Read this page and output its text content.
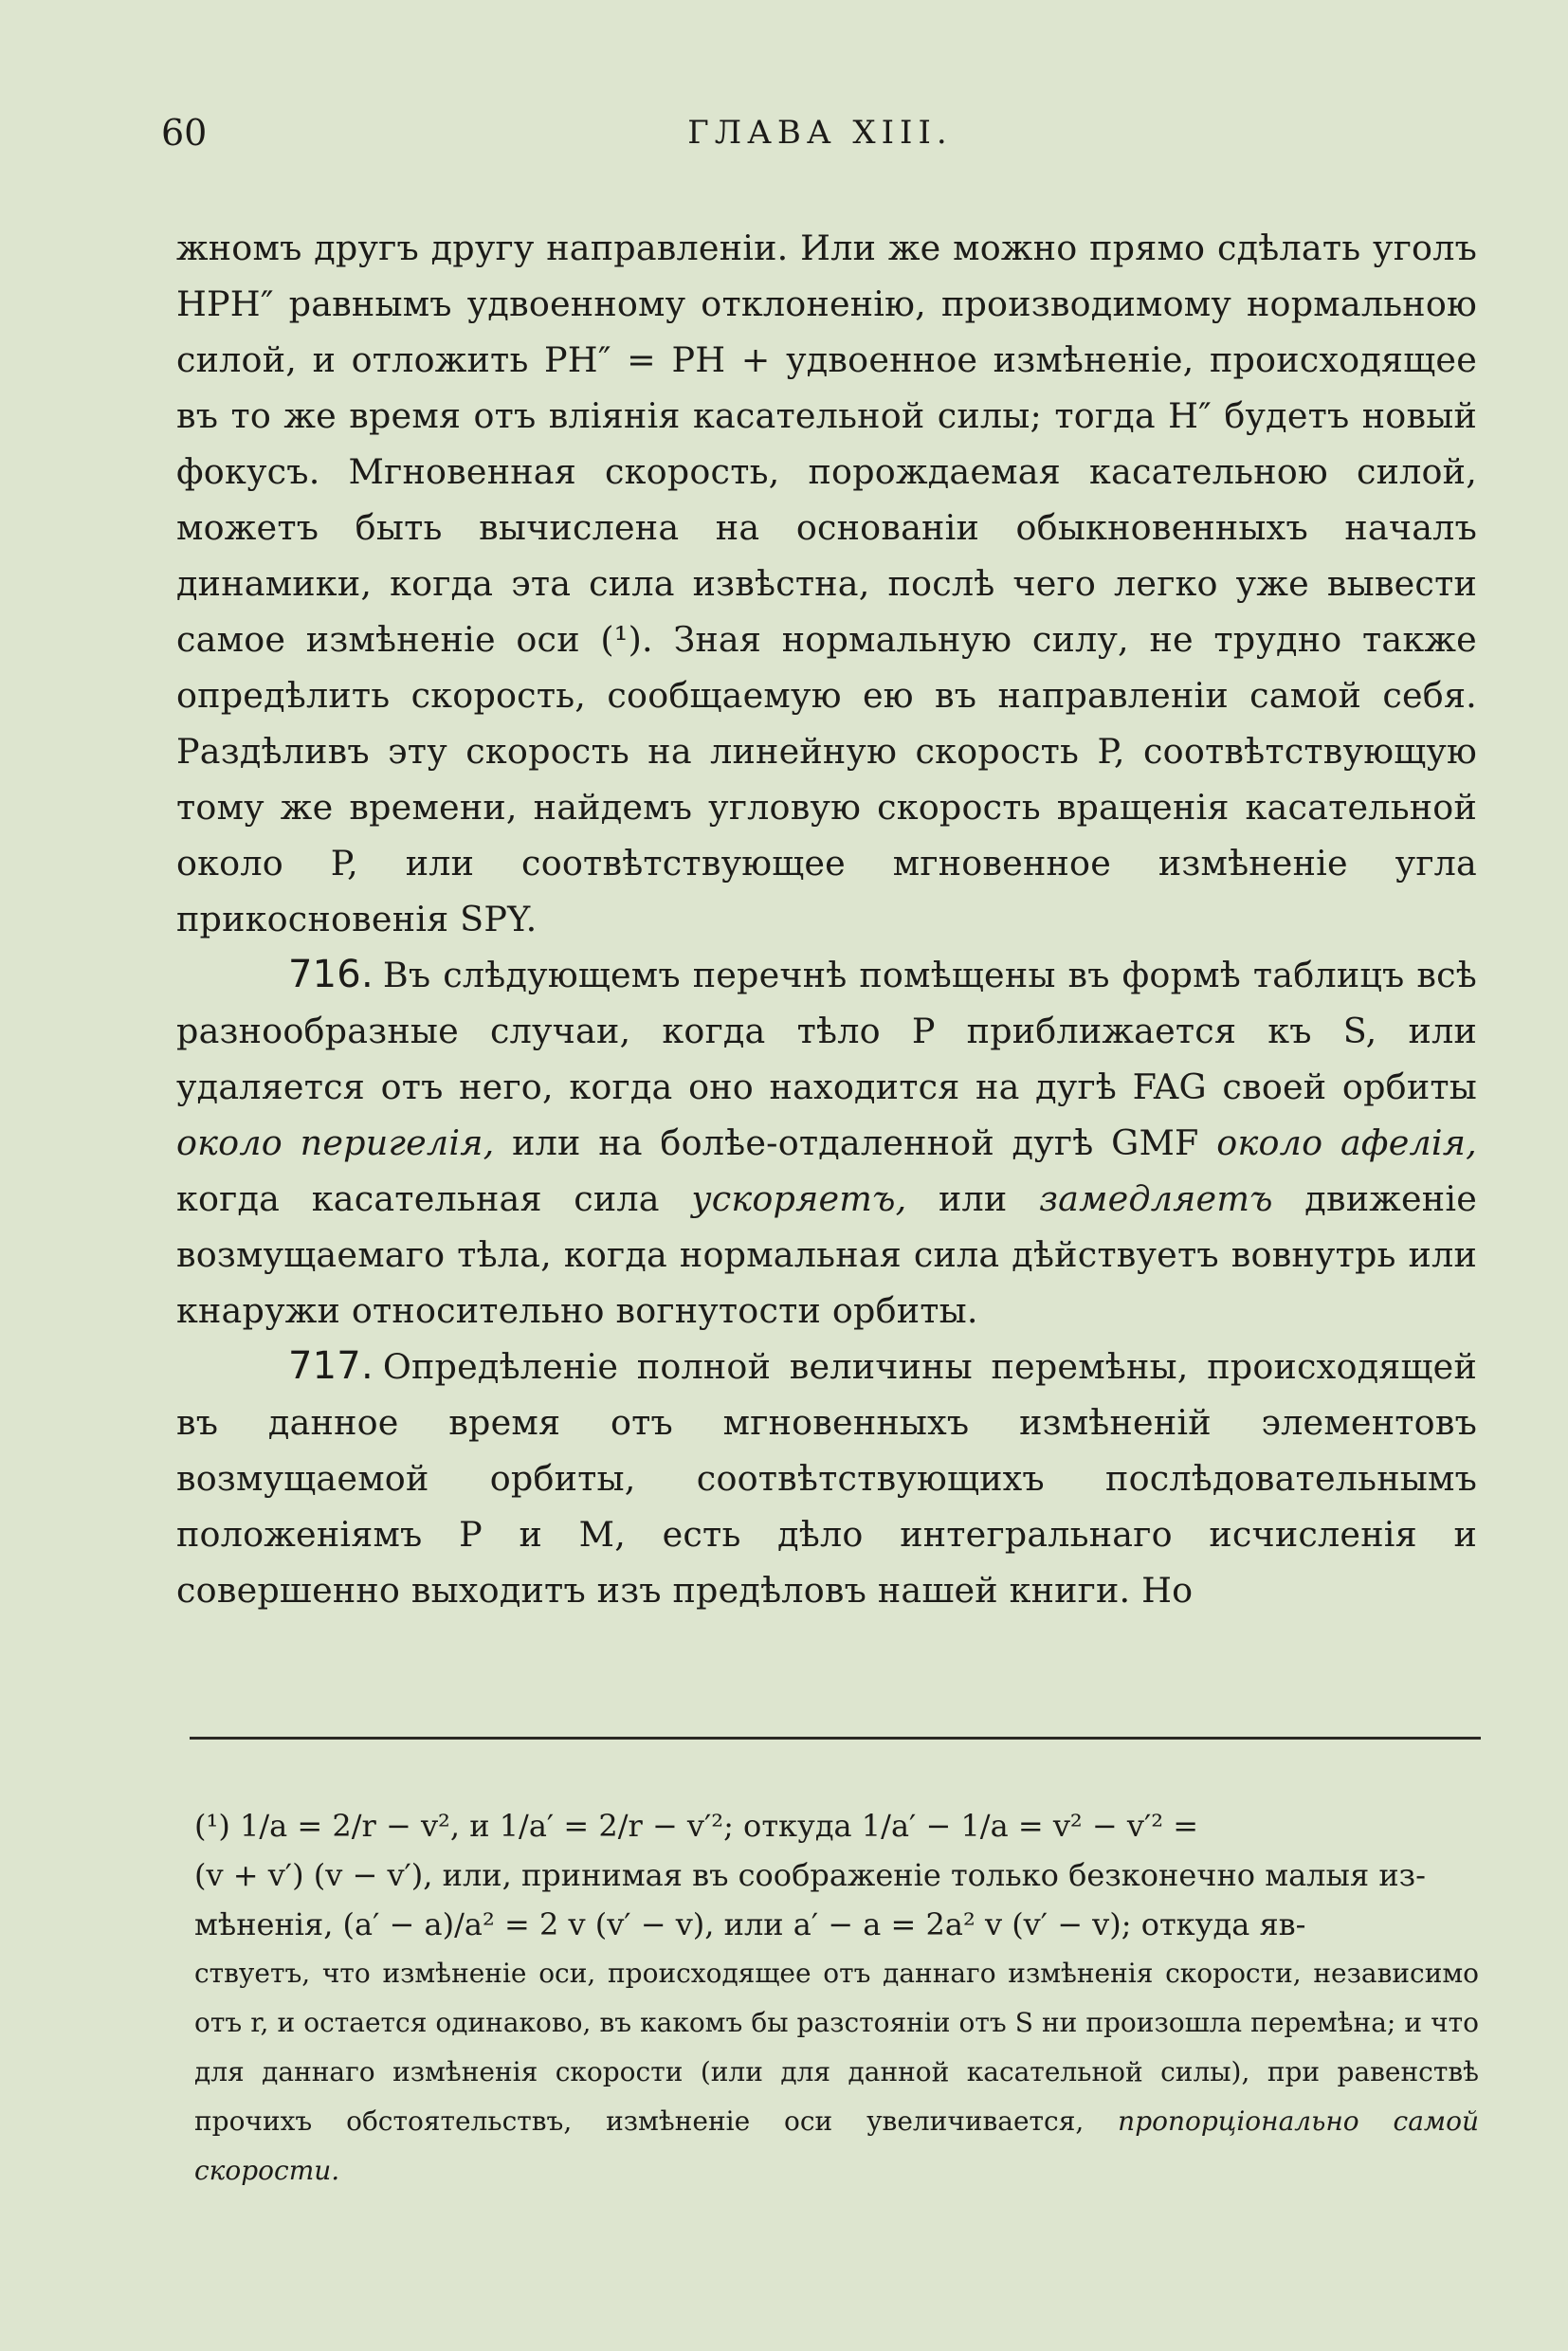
60	ГЛАВА XIII.

жномъ другъ другу направленіи. Или же можно прямо сдѣлать уголъ HPH″ равнымъ удвоенному отклоненію, производимому нормальною силой, и отложить PH″ = PH + удвоенное измѣненіе, происходящее въ то же время отъ вліянія касательной силы; тогда H″ будетъ новый фокусъ. Мгновенная скорость, порождаемая касательною силой, можетъ быть вычислена на основаніи обыкновенныхъ началъ динамики, когда эта сила извѣстна, послѣ чего легко уже вывести самое измѣненіе оси (¹). Зная нормальную силу, не трудно также опредѣлить скорость, сообщаемую ею въ направленіи самой себя. Раздѣливъ эту скорость на линейную скорость P, соотвѣтствующую тому же времени, найдемъ угловую скорость вращенія касательной около P, или соотвѣтствующее мгновенное измѣненіе угла прикосновенія SPY.

716. Въ слѣдующемъ перечнѣ помѣщены въ формѣ таблицъ всѣ разнообразные случаи, когда тѣло P приближается къ S, или удаляется отъ него, когда оно находится на дугѣ FAG своей орбиты около перигелія, или на болѣе-отдаленной дугѣ GMF около афелія, когда касательная сила ускоряетъ, или замедляетъ движеніе возмущаемаго тѣла, когда нормальная сила дѣйствуетъ вовнутрь или кнаружи относительно вогнутости орбиты.

717. Опредѣленіе полной величины перемѣны, происходящей въ данное время отъ мгновенныхъ измѣненій элементовъ возмущаемой орбиты, соотвѣтствующихъ послѣдовательнымъ положеніямъ P и M, есть дѣло интегральнаго исчисленія и совершенно выходитъ изъ предѣловъ нашей книги. Но

(¹) 1/a = 2/r − v², и 1/a′ = 2/r − v′²; откуда 1/a′ − 1/a = v² − v′² =

(v + v′) (v − v′), или, принимая въ соображеніе только безконечно малыя из-

мѣненія, (a′ − a)/a² = 2 v (v′ − v), или a′ − a = 2a² v (v′ − v); откуда яв-

ствуетъ, что измѣненіе оси, происходящее отъ даннаго измѣненія скорости, независимо отъ r, и остается одинаково, въ какомъ бы разстояніи отъ S ни произошла перемѣна; и что для даннаго измѣненія скорости (или для данной касательной силы), при равенствѣ прочихъ обстоятельствъ, измѣненіе оси увеличивается, пропорціонально самой скорости.
